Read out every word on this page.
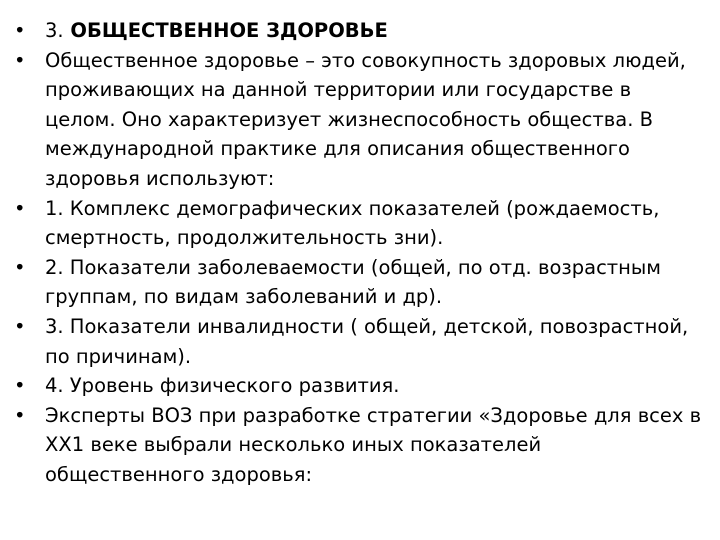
• 3. ОБЩЕСТВЕННОЕ ЗДОРОВЬЕ
• Общественное здоровье – это совокупность здоровых людей, проживающих на данной территории или государстве в целом. Оно характеризует жизнеспособность общества. В международной практике для описания общественного здоровья используют:
• 1. Комплекс демографических показателей (рождаемость, смертность, продолжительность зни).
• 2. Показатели заболеваемости (общей, по отд. возрастным группам, по видам заболеваний и др).
• 3. Показатели инвалидности ( общей, детской, повозрастной, по причинам).
• 4. Уровень физического развития.
• Эксперты ВОЗ при разработке стратегии «Здоровье для всех в ХХ1 веке выбрали несколько иных показателей общественного здоровья:
